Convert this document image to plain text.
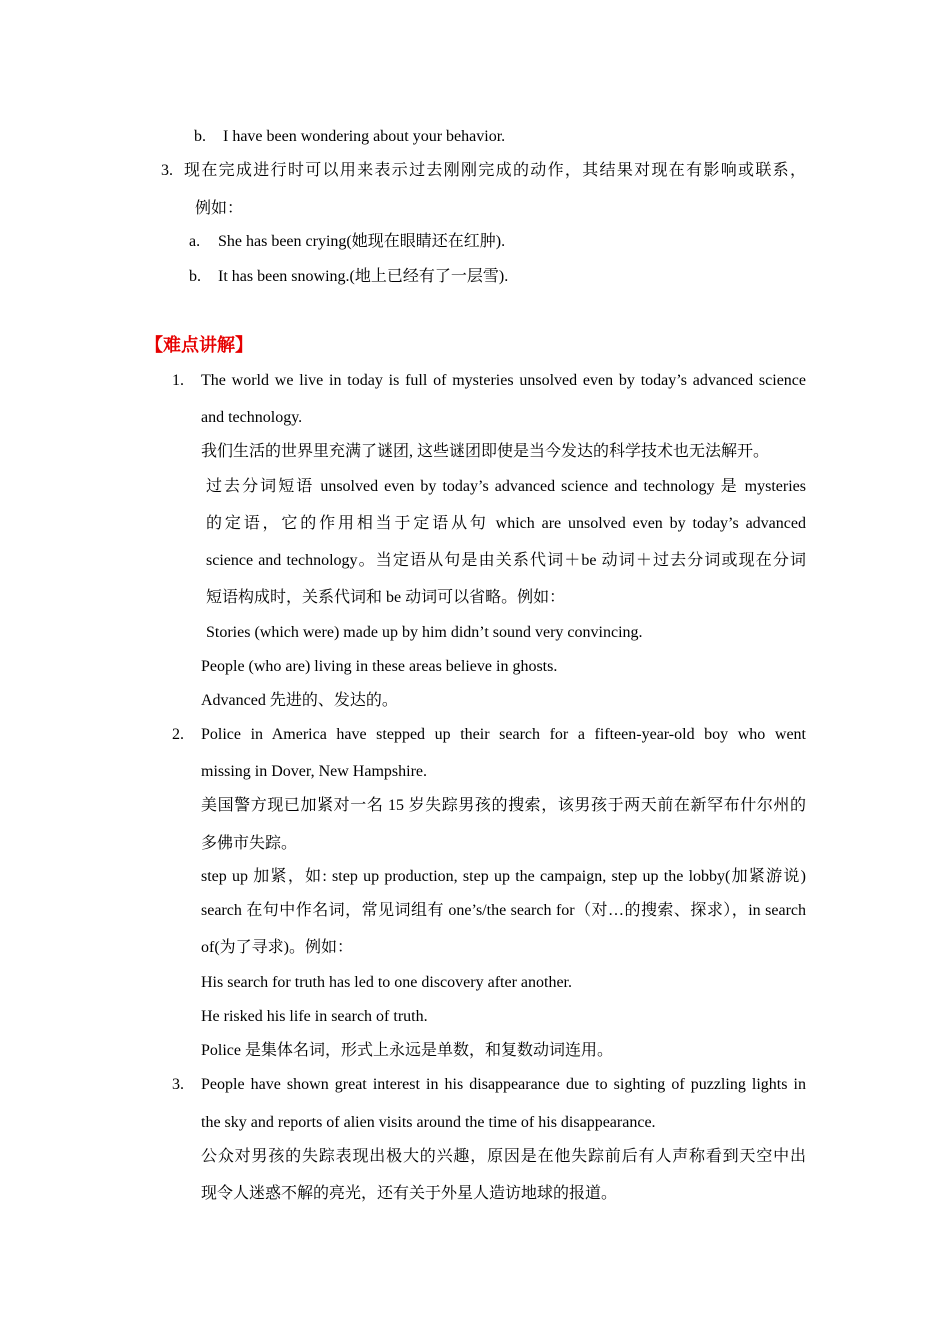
b. I have been wondering about your behavior.
3. 现在完成进行时可以用来表示过去刚刚完成的动作，其结果对现在有影响或联系，
例如：
a. She has been crying(她现在眼睛还在红肿).
b. It has been snowing.(地上已经有了一层雪).
【难点讲解】
1. The world we live in today is full of mysteries unsolved even by today’s advanced science
and technology.
我们生活的世界里充满了谜团, 这些谜团即使是当今发达的科学技术也无法解开。
过去分词短语 unsolved even by today’s advanced science and technology 是 mysteries
的定语，它的作用相当于定语从句 which are unsolved even by today’s advanced
science and technology。当定语从句是由关系代词＋be 动词＋过去分词或现在分词
短语构成时，关系代词和 be 动词可以省略。例如：
Stories (which were) made up by him didn’t sound very convincing.
People (who are) living in these areas believe in ghosts.
Advanced 先进的、发达的。
2. Police in America have stepped up their search for a fifteen-year-old boy who went
missing in Dover, New Hampshire.
美国警方现已加紧对一名 15 岁失踪男孩的搜索，该男孩于两天前在新罕布什尔州的
多佛市失踪。
step up 加紧，如: step up production, step up the campaign, step up the lobby(加紧游说)
search 在句中作名词，常见词组有 one’s/the search for（对…的搜索、探求），in search
of(为了寻求)。例如：
His search for truth has led to one discovery after another.
He risked his life in search of truth.
Police 是集体名词，形式上永远是单数，和复数动词连用。
3. People have shown great interest in his disappearance due to sighting of puzzling lights in
the sky and reports of alien visits around the time of his disappearance.
公众对男孩的失踪表现出极大的兴趣，原因是在他失踪前后有人声称看到天空中出
现令人迷惑不解的亮光，还有关于外星人造访地球的报道。
